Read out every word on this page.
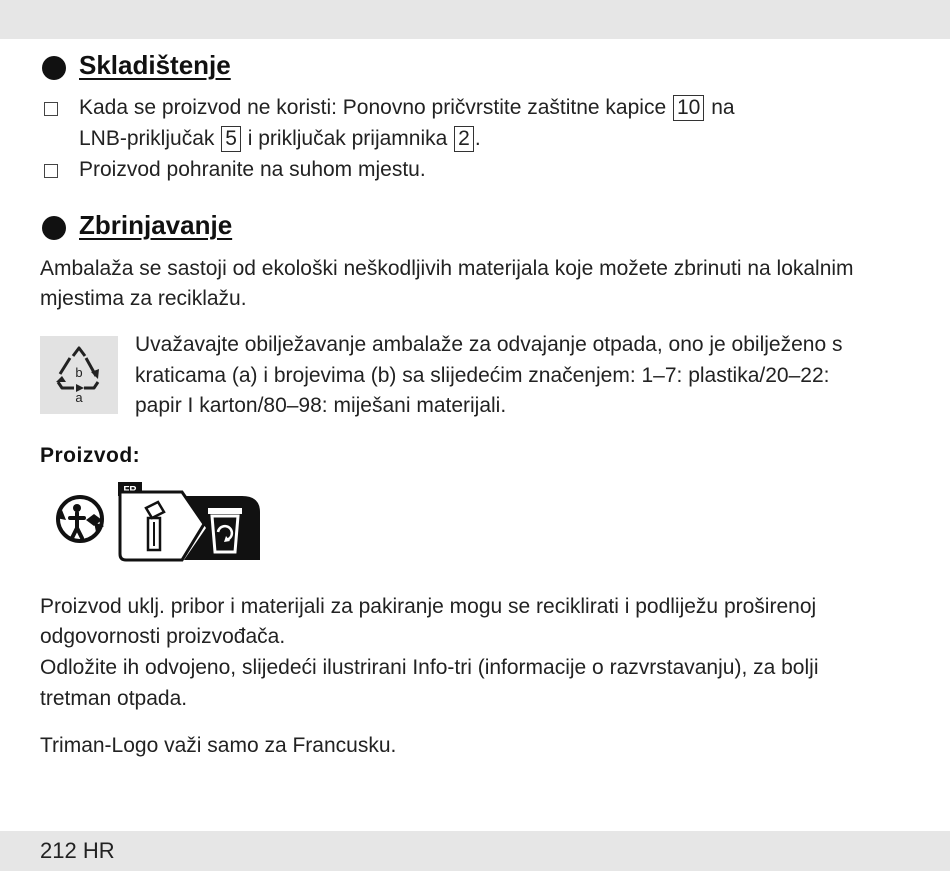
Skladištenje
Kada se proizvod ne koristi: Ponovno pričvrstite zaštitne kapice 10 na
LNB-priključak 5 i priključak prijamnika 2 .
Proizvod pohranite na suhom mjestu.
Zbrinjavanje
Ambalaža se sastoji od ekološki neškodljivih materijala koje možete zbrinuti na lokalnim
mjestima za reciklažu.
b
a
Uvažavajte obilježavanje ambalaže za odvajanje otpada, ono je obilježeno s
kraticama (a) i brojevima (b) sa slijedećim značenjem: 1–7: plastika/20–22:
papir I karton/80–98: miješani materijali.
Proizvod:
Proizvod uklj. pribor i materijali za pakiranje mogu se reciklirati i podliježu proširenoj
odgovornosti proizvođača.
Odložite ih odvojeno, slijedeći ilustrirani Info-tri (informacije o razvrstavanju), za bolji
tretman otpada.
Triman-Logo važi samo za Francusku.
212 HR
